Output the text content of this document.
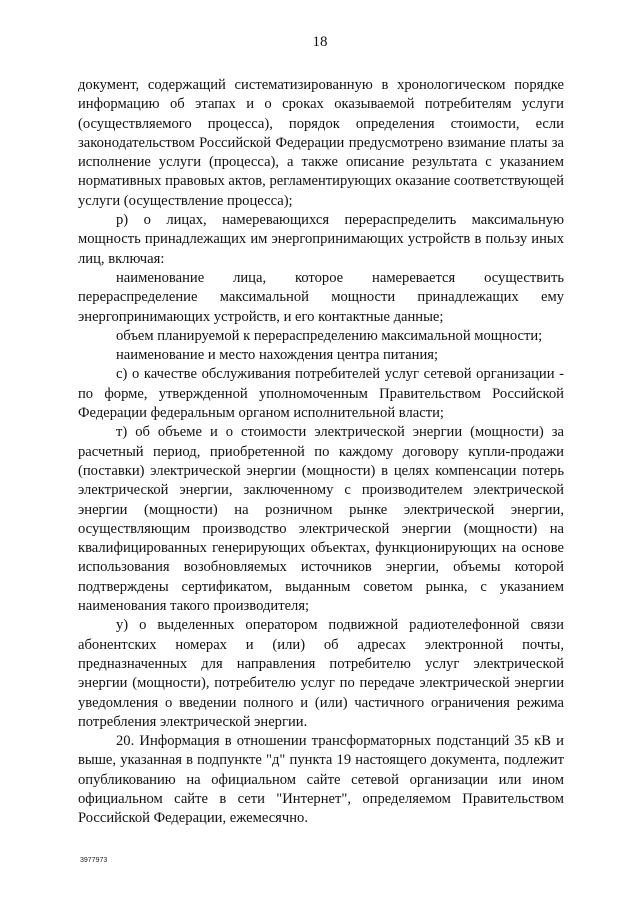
18

документ, содержащий систематизированную в хронологическом порядке информацию об этапах и о сроках оказываемой потребителям услуги (осуществляемого процесса), порядок определения стоимости, если законодательством Российской Федерации предусмотрено взимание платы за исполнение услуги (процесса), а также описание результата с указанием нормативных правовых актов, регламентирующих оказание соответствующей услуги (осуществление процесса);

р) о лицах, намеревающихся перераспределить максимальную мощность принадлежащих им энергопринимающих устройств в пользу иных лиц, включая:

наименование лица, которое намеревается осуществить перераспределение максимальной мощности принадлежащих ему энергопринимающих устройств, и его контактные данные;

объем планируемой к перераспределению максимальной мощности;

наименование и место нахождения центра питания;

с) о качестве обслуживания потребителей услуг сетевой организации - по форме, утвержденной уполномоченным Правительством Российской Федерации федеральным органом исполнительной власти;

т) об объеме и о стоимости электрической энергии (мощности) за расчетный период, приобретенной по каждому договору купли-продажи (поставки) электрической энергии (мощности) в целях компенсации потерь электрической энергии, заключенному с производителем электрической энергии (мощности) на розничном рынке электрической энергии, осуществляющим производство электрической энергии (мощности) на квалифицированных генерирующих объектах, функционирующих на основе использования возобновляемых источников энергии, объемы которой подтверждены сертификатом, выданным советом рынка, с указанием наименования такого производителя;

у) о выделенных оператором подвижной радиотелефонной связи абонентских номерах и (или) об адресах электронной почты, предназначенных для направления потребителю услуг электрической энергии (мощности), потребителю услуг по передаче электрической энергии уведомления о введении полного и (или) частичного ограничения режима потребления электрической энергии.

20. Информация в отношении трансформаторных подстанций 35 кВ и выше, указанная в подпункте "д" пункта 19 настоящего документа, подлежит опубликованию на официальном сайте сетевой организации или ином официальном сайте в сети "Интернет", определяемом Правительством Российской Федерации, ежемесячно.

3977973
